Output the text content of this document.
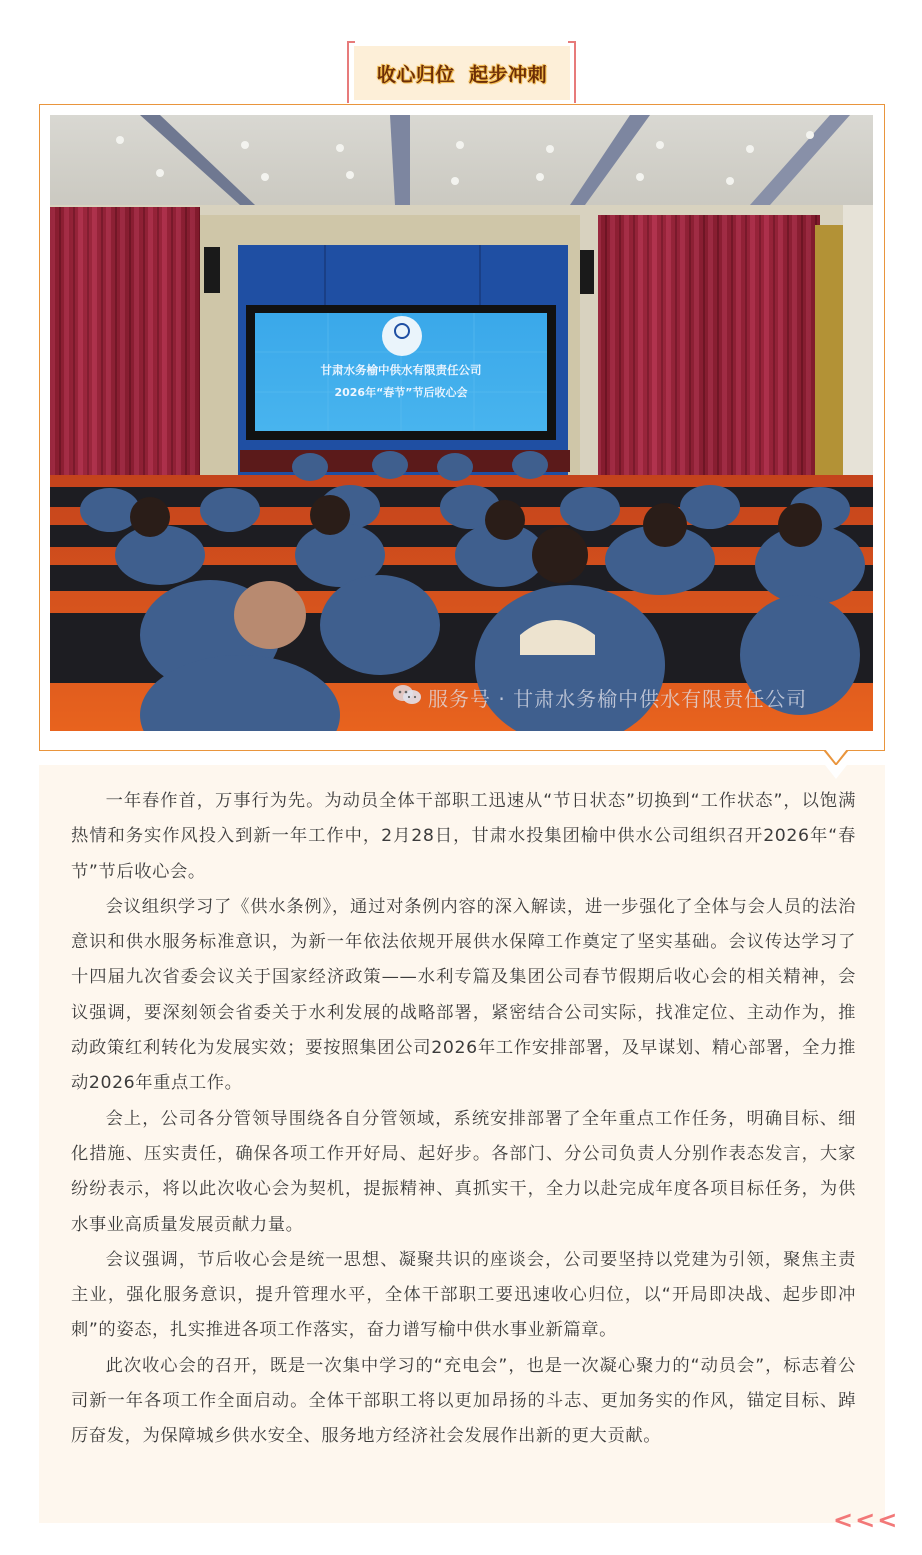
收心归位  起步冲刺
甘肃水务榆中供水有限责任公司
2026年“春节”节后收心会
服务号 · 甘肃水务榆中供水有限责任公司

一年春作首，万事行为先。为动员全体干部职工迅速从“节日状态”切换到“工作状态”，以饱满热情和务实作风投入到新一年工作中，2月28日，甘肃水投集团榆中供水公司组织召开2026年“春节”节后收心会。

会议组织学习了《供水条例》，通过对条例内容的深入解读，进一步强化了全体与会人员的法治意识和供水服务标准意识，为新一年依法依规开展供水保障工作奠定了坚实基础。会议传达学习了十四届九次省委会议关于国家经济政策——水利专篇及集团公司春节假期后收心会的相关精神，会议强调，要深刻领会省委关于水利发展的战略部署，紧密结合公司实际，找准定位、主动作为，推动政策红利转化为发展实效；要按照集团公司2026年工作安排部署，及早谋划、精心部署，全力推动2026年重点工作。

会上，公司各分管领导围绕各自分管领域，系统安排部署了全年重点工作任务，明确目标、细化措施、压实责任，确保各项工作开好局、起好步。各部门、分公司负责人分别作表态发言，大家纷纷表示，将以此次收心会为契机，提振精神、真抓实干，全力以赴完成年度各项目标任务，为供水事业高质量发展贡献力量。

会议强调，节后收心会是统一思想、凝聚共识的座谈会，公司要坚持以党建为引领，聚焦主责主业，强化服务意识，提升管理水平，全体干部职工要迅速收心归位，以“开局即决战、起步即冲刺”的姿态，扎实推进各项工作落实，奋力谱写榆中供水事业新篇章。

此次收心会的召开，既是一次集中学习的“充电会”，也是一次凝心聚力的“动员会”，标志着公司新一年各项工作全面启动。全体干部职工将以更加昂扬的斗志、更加务实的作风，锚定目标、踔厉奋发，为保障城乡供水安全、服务地方经济社会发展作出新的更大贡献。

<<<
